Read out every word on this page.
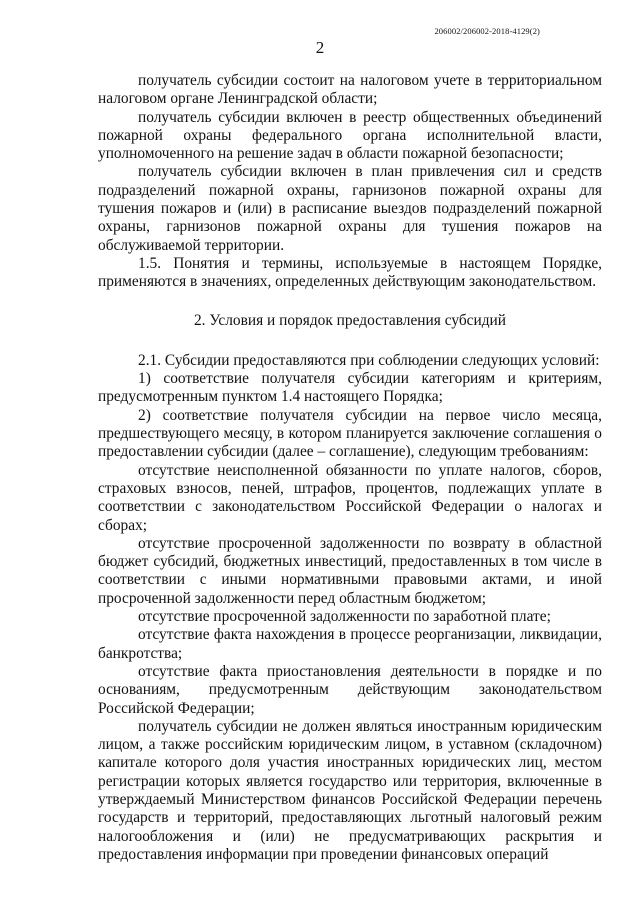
206002/206002-2018-4129(2)
2

получатель субсидии состоит на налоговом учете в территориальном налоговом органе Ленинградской области;

получатель субсидии включен в реестр общественных объединений пожарной охраны федерального органа исполнительной власти, уполномоченного на решение задач в области пожарной безопасности;

получатель субсидии включен в план привлечения сил и средств подразделений пожарной охраны, гарнизонов пожарной охраны для тушения пожаров и (или) в расписание выездов подразделений пожарной охраны, гарнизонов пожарной охраны для тушения пожаров на обслуживаемой территории.

1.5. Понятия и термины, используемые в настоящем Порядке, применяются в значениях, определенных действующим законодательством.

2. Условия и порядок предоставления субсидий

2.1. Субсидии предоставляются при соблюдении следующих условий:

1) соответствие получателя субсидии категориям и критериям, предусмотренным пунктом 1.4 настоящего Порядка;

2) соответствие получателя субсидии на первое число месяца, предшествующего месяцу, в котором планируется заключение соглашения о предоставлении субсидии (далее – соглашение), следующим требованиям:

отсутствие неисполненной обязанности по уплате налогов, сборов, страховых взносов, пеней, штрафов, процентов, подлежащих уплате в соответствии с законодательством Российской Федерации о налогах и сборах;

отсутствие просроченной задолженности по возврату в областной бюджет субсидий, бюджетных инвестиций, предоставленных в том числе в соответствии с иными нормативными правовыми актами, и иной просроченной задолженности перед областным бюджетом;

отсутствие просроченной задолженности по заработной плате;

отсутствие факта нахождения в процессе реорганизации, ликвидации, банкротства;

отсутствие факта приостановления деятельности в порядке и по основаниям, предусмотренным действующим законодательством Российской Федерации;

получатель субсидии не должен являться иностранным юридическим лицом, а также российским юридическим лицом, в уставном (складочном) капитале которого доля участия иностранных юридических лиц, местом регистрации которых является государство или территория, включенные в утверждаемый Министерством финансов Российской Федерации перечень государств и территорий, предоставляющих льготный налоговый режим налогообложения и (или) не предусматривающих раскрытия и предоставления информации при проведении финансовых операций
